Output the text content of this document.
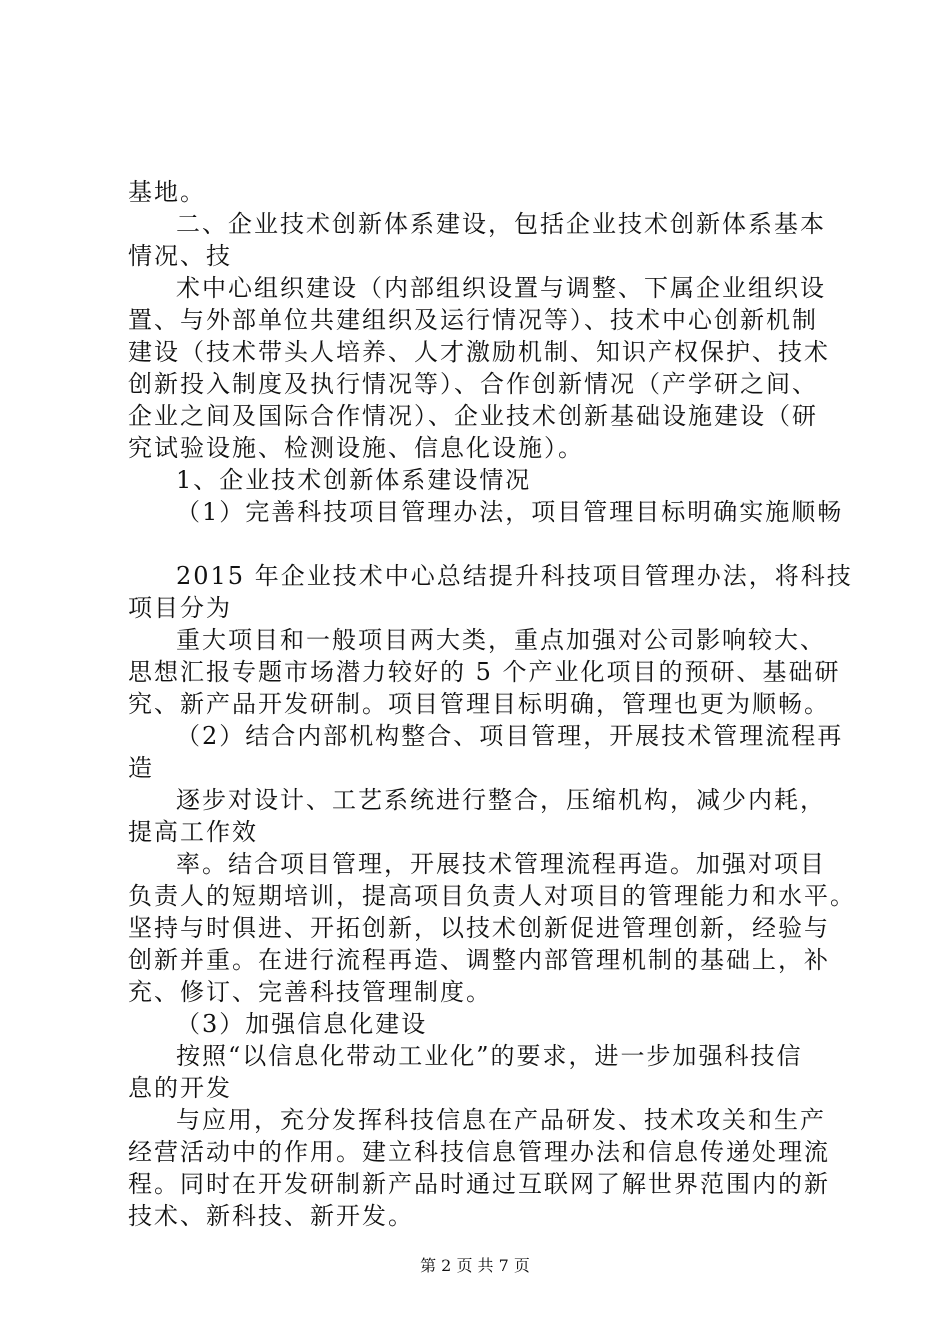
基地。
二、企业技术创新体系建设，包括企业技术创新体系基本
情况、技
术中心组织建设（内部组织设置与调整、下属企业组织设
置、与外部单位共建组织及运行情况等）、技术中心创新机制
建设（技术带头人培养、人才激励机制、知识产权保护、技术
创新投入制度及执行情况等）、合作创新情况（产学研之间、
企业之间及国际合作情况）、企业技术创新基础设施建设（研
究试验设施、检测设施、信息化设施）。
1、企业技术创新体系建设情况
（1）完善科技项目管理办法，项目管理目标明确实施顺畅
2015 年企业技术中心总结提升科技项目管理办法，将科技
项目分为
重大项目和一般项目两大类，重点加强对公司影响较大、
思想汇报专题市场潜力较好的 5 个产业化项目的预研、基础研
究、新产品开发研制。项目管理目标明确，管理也更为顺畅。
（2）结合内部机构整合、项目管理，开展技术管理流程再
造
逐步对设计、工艺系统进行整合，压缩机构，减少内耗，
提高工作效
率。结合项目管理，开展技术管理流程再造。加强对项目
负责人的短期培训，提高项目负责人对项目的管理能力和水平。
坚持与时俱进、开拓创新，以技术创新促进管理创新，经验与
创新并重。在进行流程再造、调整内部管理机制的基础上，补
充、修订、完善科技管理制度。
（3）加强信息化建设
按照“以信息化带动工业化”的要求，进一步加强科技信
息的开发
与应用，充分发挥科技信息在产品研发、技术攻关和生产
经营活动中的作用。建立科技信息管理办法和信息传递处理流
程。同时在开发研制新产品时通过互联网了解世界范围内的新
技术、新科技、新开发。
第 2 页 共 7 页
